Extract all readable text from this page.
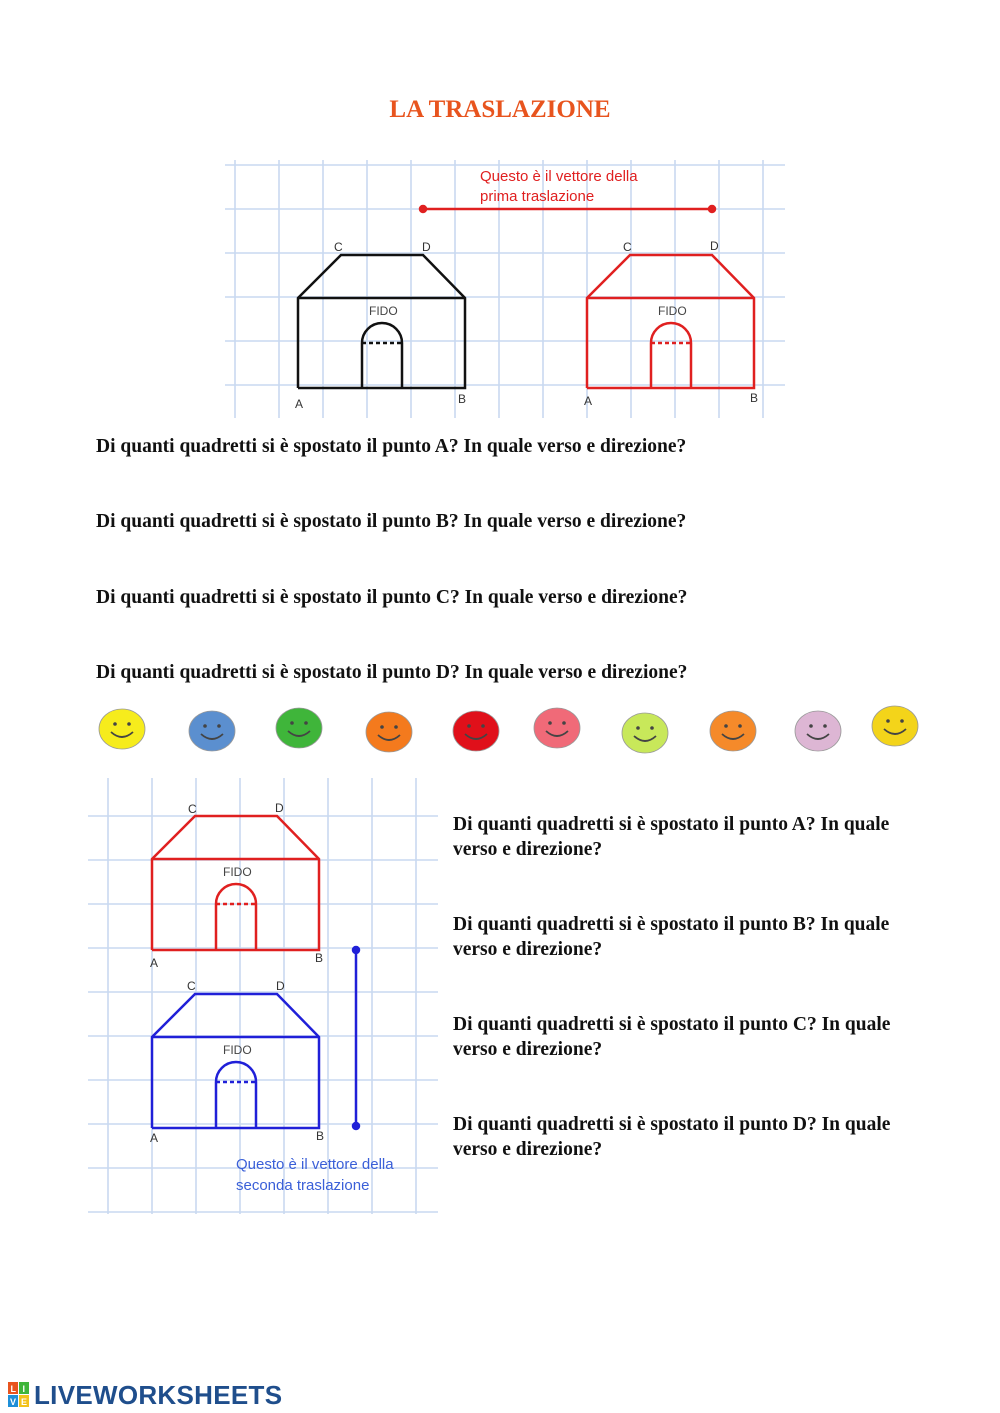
LA TRASLAZIONE
Questo è il vettore della
prima traslazione
FIDO
A	B
C	D
FIDO
A	B
C	D

Di quanti quadretti si è spostato il punto A? In quale verso e direzione?

Di quanti quadretti si è spostato il punto B? In quale verso e direzione?

Di quanti quadretti si è spostato il punto C? In quale verso e direzione?

Di quanti quadretti si è spostato il punto D? In quale verso e direzione?

FIDO
A	B
C	D
FIDO
A	B
C	D
Questo è il vettore della
seconda traslazione

Di quanti quadretti si è spostato il punto A? In quale verso e direzione?

Di quanti quadretti si è spostato il punto B? In quale verso e direzione?

Di quanti quadretti si è spostato il punto C? In quale verso e direzione?

Di quanti quadretti si è spostato il punto D? In quale verso e direzione?

L I
V E LIVEWORKSHEETS
